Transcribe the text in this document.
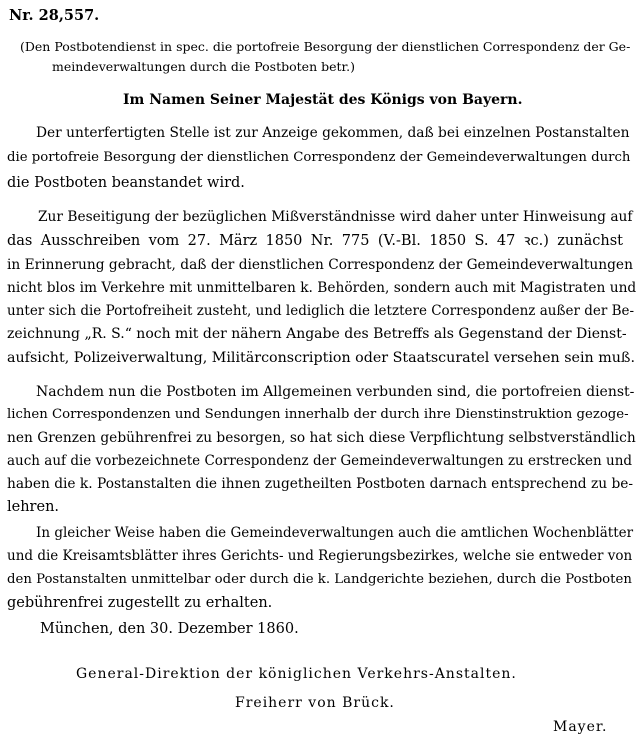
Nr. 28,557.
(Den Postbotendienst in spec. die portofreie Besorgung der dienstlichen Correspondenz der Ge-
meindeverwaltungen durch die Postboten betr.)
Im Namen Seiner Majestät des Königs von Bayern.
Der unterfertigten Stelle ist zur Anzeige gekommen, daß bei einzelnen Postanstalten
die portofreie Besorgung der dienstlichen Correspondenz der Gemeindeverwaltungen durch
die Postboten beanstandet wird.
Zur Beseitigung der bezüglichen Mißverständnisse wird daher unter Hinweisung auf
das Ausschreiben vom 27. März 1850 Nr. 775 (V.-Bl. 1850 S. 47 ꝛc.) zunächst
in Erinnerung gebracht, daß der dienstlichen Correspondenz der Gemeindeverwaltungen
nicht blos im Verkehre mit unmittelbaren k. Behörden, sondern auch mit Magistraten und
unter sich die Portofreiheit zusteht, und lediglich die letztere Correspondenz außer der Be-
zeichnung „R. S.“ noch mit der nähern Angabe des Betreffs als Gegenstand der Dienst-
aufsicht, Polizeiverwaltung, Militärconscription oder Staatscuratel versehen sein muß.
Nachdem nun die Postboten im Allgemeinen verbunden sind, die portofreien dienst-
lichen Correspondenzen und Sendungen innerhalb der durch ihre Dienstinstruktion gezoge-
nen Grenzen gebührenfrei zu besorgen, so hat sich diese Verpflichtung selbstverständlich
auch auf die vorbezeichnete Correspondenz der Gemeindeverwaltungen zu erstrecken und
haben die k. Postanstalten die ihnen zugetheilten Postboten darnach entsprechend zu be-
lehren.
In gleicher Weise haben die Gemeindeverwaltungen auch die amtlichen Wochenblätter
und die Kreisamtsblätter ihres Gerichts- und Regierungsbezirkes, welche sie entweder von
den Postanstalten unmittelbar oder durch die k. Landgerichte beziehen, durch die Postboten
gebührenfrei zugestellt zu erhalten.
München, den 30. Dezember 1860.
General-Direktion der königlichen Verkehrs-Anstalten.
Freiherr von Brück.
Mayer.
